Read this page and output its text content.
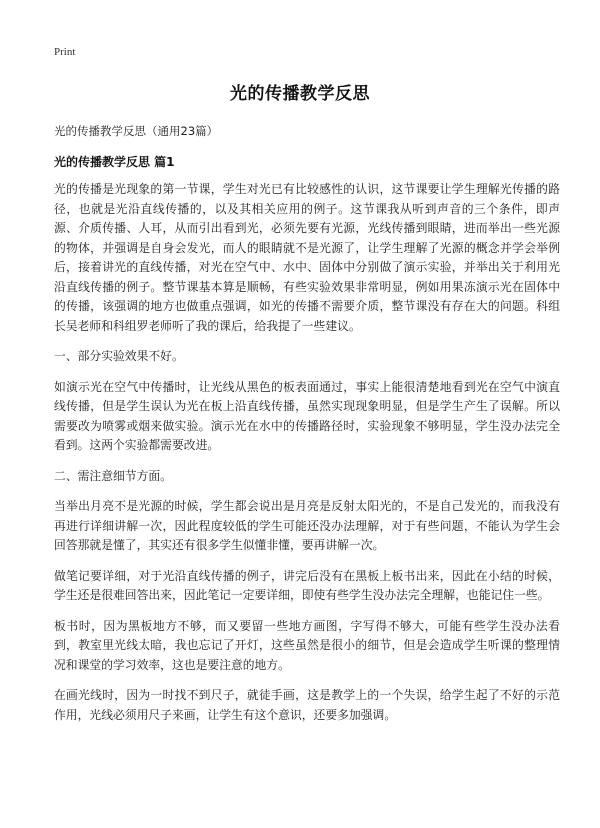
Print
光的传播教学反思
光的传播教学反思（通用23篇）
光的传播教学反思 篇1

光的传播是光现象的第一节课，学生对光已有比较感性的认识，这节课要让学生理解光传播的路径，也就是光沿直线传播的，以及其相关应用的例子。这节课我从听到声音的三个条件，即声源、介质传播、人耳，从而引出看到光，必须先要有光源，光线传播到眼睛，进而举出一些光源的物体，并强调是自身会发光，而人的眼睛就不是光源了，让学生理解了光源的概念并学会举例后，接着讲光的直线传播，对光在空气中、水中、固体中分别做了演示实验，并举出关于利用光沿直线传播的例子。整节课基本算是顺畅，有些实验效果非常明显，例如用果冻演示光在固体中的传播，该强调的地方也做重点强调，如光的传播不需要介质，整节课没有存在大的问题。科组长吴老师和科组罗老师听了我的课后，给我提了一些建议。

一、部分实验效果不好。

如演示光在空气中传播时，让光线从黑色的板表面通过，事实上能很清楚地看到光在空气中演直线传播，但是学生误认为光在板上沿直线传播，虽然实现现象明显，但是学生产生了误解。所以需要改为喷雾或烟来做实验。演示光在水中的传播路径时，实验现象不够明显，学生没办法完全看到。这两个实验都需要改进。

二、需注意细节方面。

当举出月亮不是光源的时候，学生都会说出是月亮是反射太阳光的，不是自己发光的，而我没有再进行详细讲解一次，因此程度较低的学生可能还没办法理解，对于有些问题，不能认为学生会回答那就是懂了，其实还有很多学生似懂非懂，要再讲解一次。

做笔记要详细，对于光沿直线传播的例子，讲完后没有在黑板上板书出来，因此在小结的时候，学生还是很难回答出来，因此笔记一定要详细，即使有些学生没办法完全理解，也能记住一些。

板书时，因为黑板地方不够，而又要留一些地方画图，字写得不够大，可能有些学生没办法看到，教室里光线太暗，我也忘记了开灯，这些虽然是很小的细节，但是会造成学生听课的整理情况和课堂的学习效率，这也是要注意的地方。

在画光线时，因为一时找不到尺子，就徒手画，这是教学上的一个失误，给学生起了不好的示范作用，光线必须用尺子来画，让学生有这个意识，还要多加强调。
